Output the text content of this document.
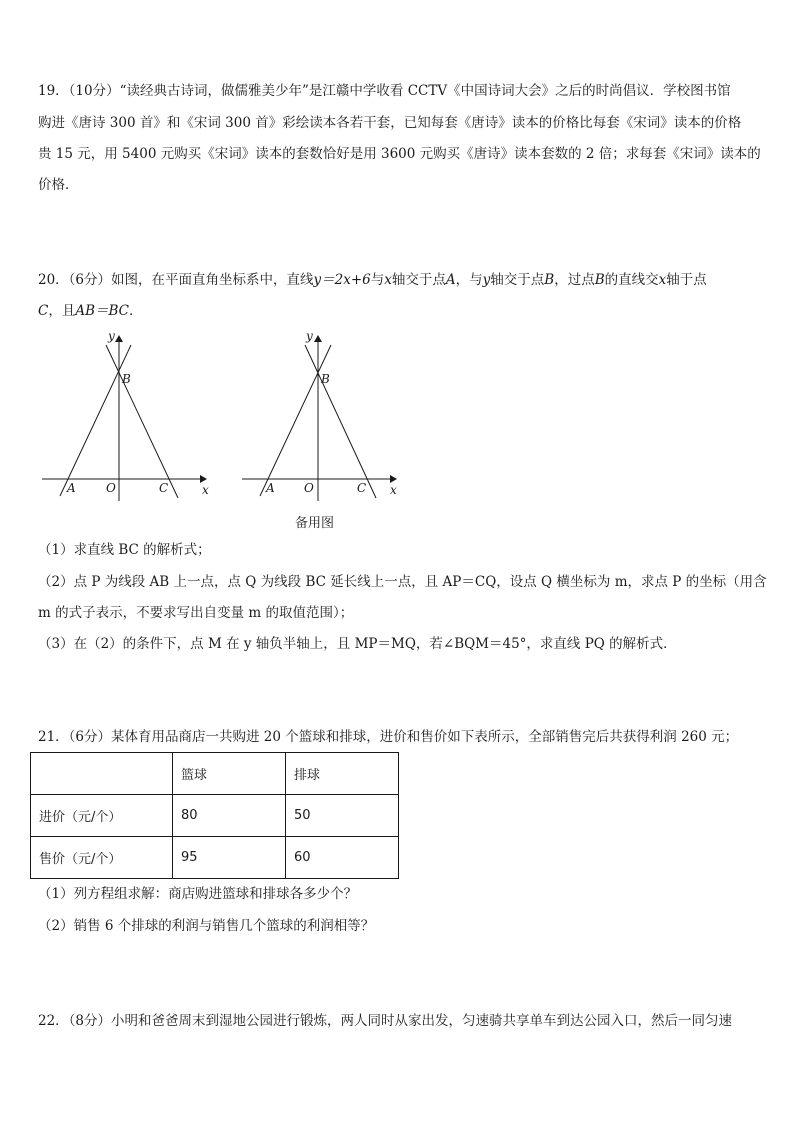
19．（10分）“读经典古诗词，做儒雅美少年”是江赣中学收看 CCTV《中国诗词大会》之后的时尚倡议．学校图书馆
购进《唐诗 300 首》和《宋词 300 首》彩绘读本各若干套，已知每套《唐诗》读本的价格比每套《宋词》读本的价格
贵 15 元，用 5400 元购买《宋词》读本的套数恰好是用 3600 元购买《唐诗》读本套数的 2 倍；求每套《宋词》读本的
价格．
20．（6分）如图，在平面直角坐标系中，直线y＝2x+6与x轴交于点A，与y轴交于点B，过点B的直线交x轴于点
C，且AB＝BC．
y
x
B
A	O	C
y
x
B
A O	C
备用图
（1）求直线 BC 的解析式；
（2）点 P 为线段 AB 上一点，点 Q 为线段 BC 延长线上一点，且 AP＝CQ，设点 Q 横坐标为 m，求点 P 的坐标（用含
m 的式子表示，不要求写出自变量 m 的取值范围）；
（3）在（2）的条件下，点 M 在 y 轴负半轴上，且 MP＝MQ，若∠BQM＝45°，求直线 PQ 的解析式．
21．（6分）某体育用品商店一共购进 20 个篮球和排球，进价和售价如下表所示，全部销售完后共获得利润 260 元；
	篮球	排球
进价（元/个）	80	50
售价（元/个）	95	60
（1）列方程组求解：商店购进篮球和排球各多少个？
（2）销售 6 个排球的利润与销售几个篮球的利润相等？
22．（8分）小明和爸爸周末到湿地公园进行锻炼，两人同时从家出发，匀速骑共享单车到达公园入口，然后一同匀速
